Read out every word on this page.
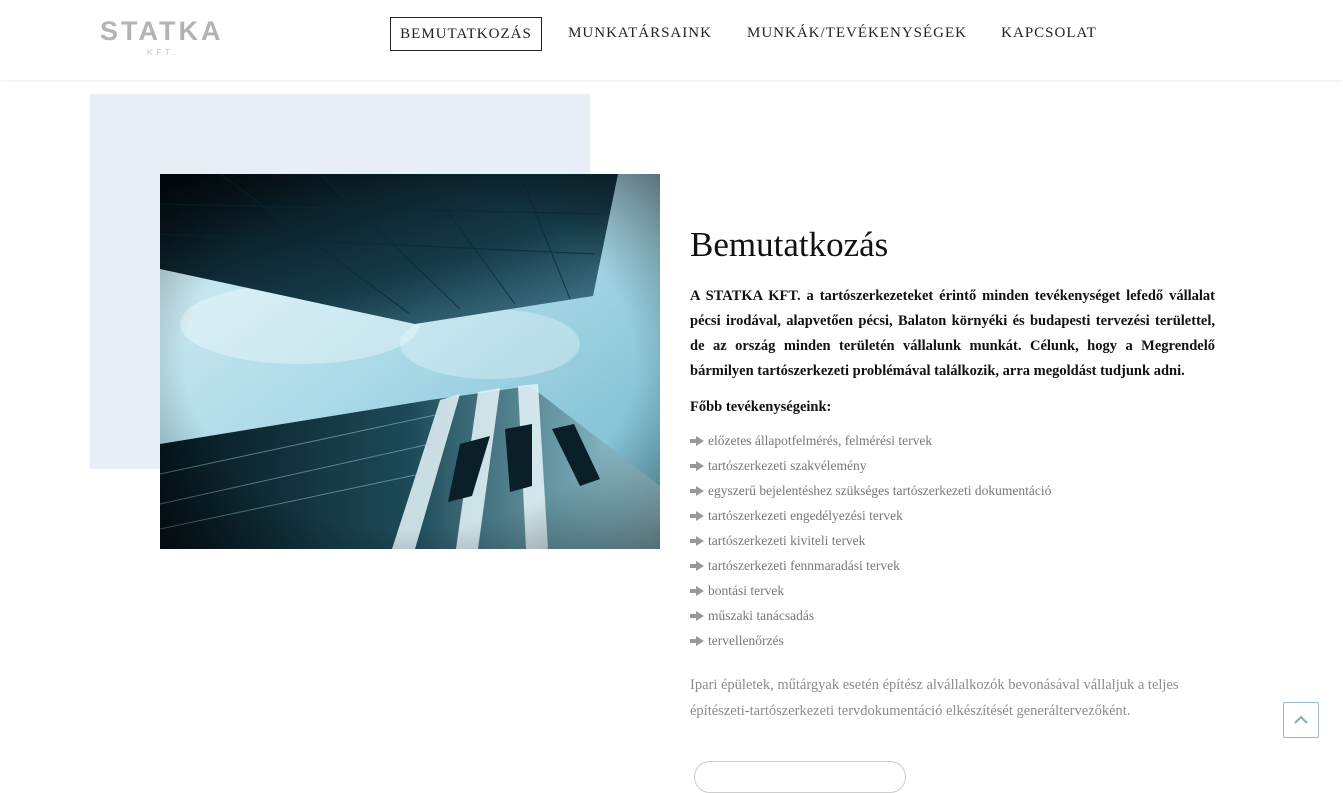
STATKA
KFT.
BEMUTATKOZÁS	MUNKATÁRSAINK MUNKÁK/TEVÉKENYSÉGEK	KAPCSOLAT
Bemutatkozás

A STATKA KFT. a tartószerkezeteket érintő minden tevékenységet lefedő vállalat pécsi irodával, alapvetően pécsi, Balaton környéki és budapesti tervezési területtel, de az ország minden területén vállalunk munkát. Célunk, hogy a Megrendelő bármilyen tartószerkezeti problémával találkozik, arra megoldást tudjunk adni.

Főbb tevékenységeink:

előzetes állapotfelmérés, felmérési tervek
tartószerkezeti szakvélemény
egyszerű bejelentéshez szükséges tartószerkezeti dokumentáció
tartószerkezeti engedélyezési tervek
tartószerkezeti kiviteli tervek
tartószerkezeti fennmaradási tervek
bontási tervek
műszaki tanácsadás
tervellenőrzés

Ipari épületek, műtárgyak esetén építész alvállalkozók bevonásával vállaljuk a teljes építészeti-tartószerkezeti tervdokumentáció elkészítését generáltervezőként.
